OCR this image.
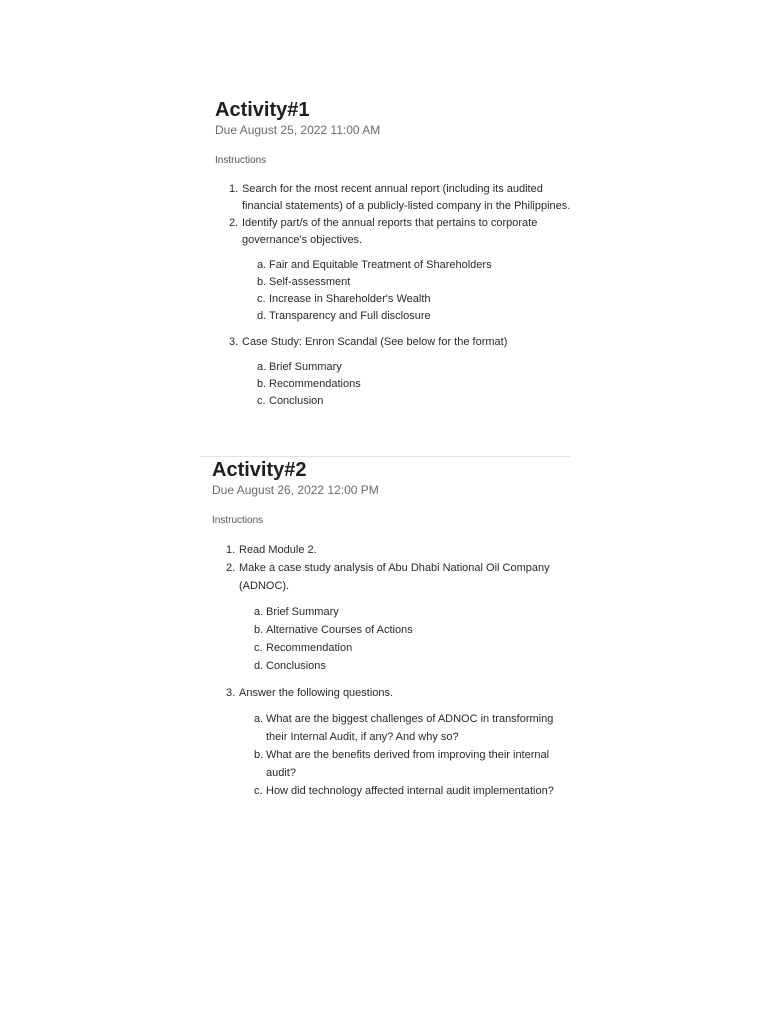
Activity#1
Due August 25, 2022 11:00 AM
Instructions
1. Search for the most recent annual report (including its audited financial statements) of a publicly-listed company in the Philippines.
2. Identify part/s of the annual reports that pertains to corporate governance's objectives.
a. Fair and Equitable Treatment of Shareholders
b. Self-assessment
c. Increase in Shareholder's Wealth
d. Transparency and Full disclosure
3. Case Study: Enron Scandal (See below for the format)
a. Brief Summary
b. Recommendations
c. Conclusion
Activity#2
Due August 26, 2022 12:00 PM
Instructions
1. Read Module 2.
2. Make a case study analysis of Abu Dhabi National Oil Company (ADNOC).
a. Brief Summary
b. Alternative Courses of Actions
c. Recommendation
d. Conclusions
3. Answer the following questions.
a. What are the biggest challenges of ADNOC in transforming their Internal Audit, if any? And why so?
b. What are the benefits derived from improving their internal audit?
c. How did technology affected internal audit implementation?
